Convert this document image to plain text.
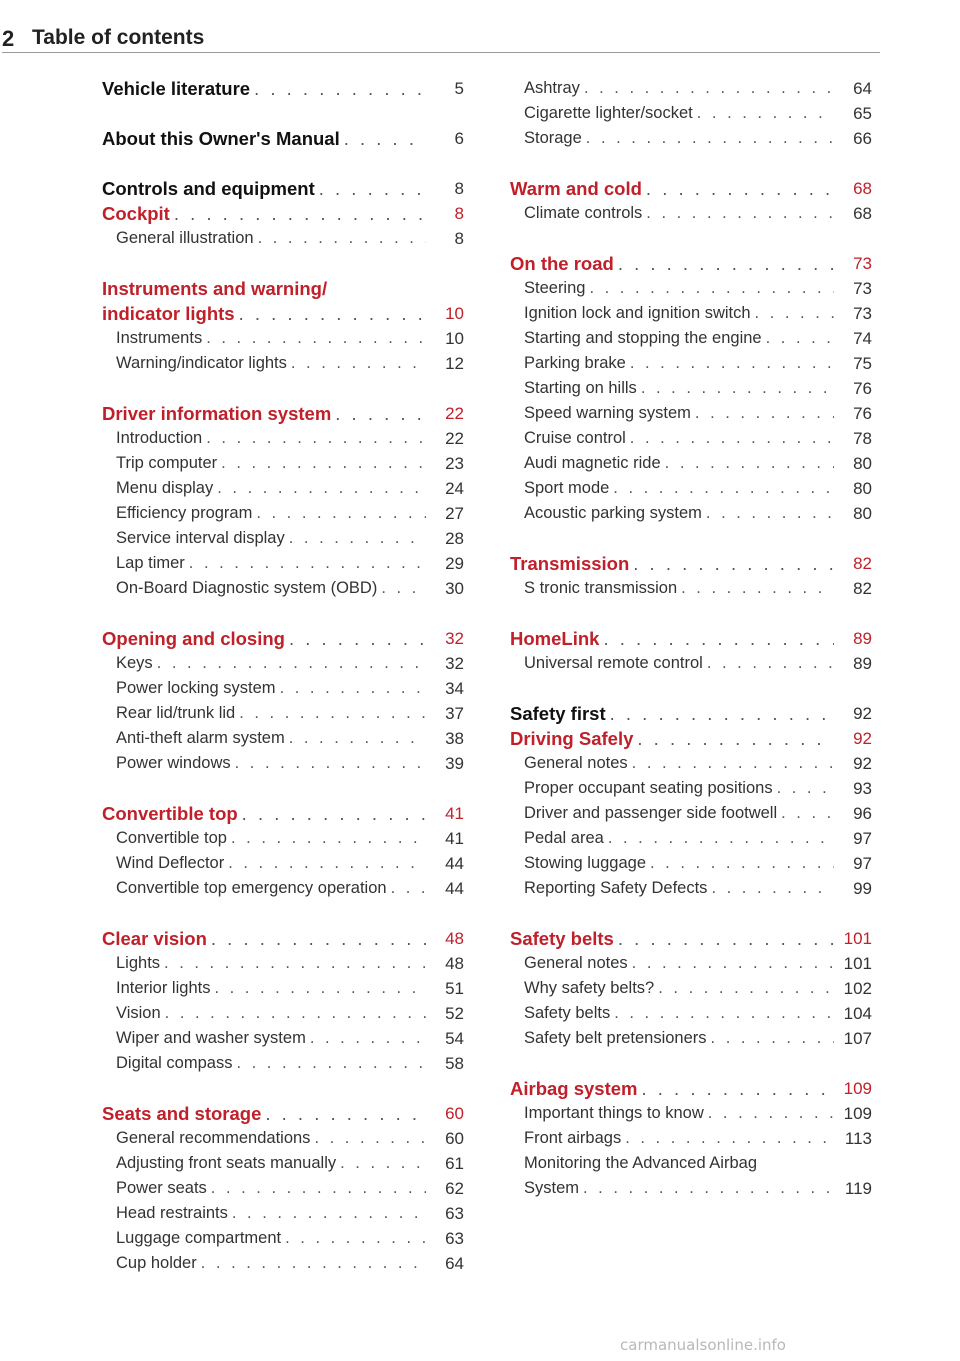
2 Table of contents
Vehicle literature . . .	5
About this Owner's Manual . . .	6
Controls and equipment . . .	8
Cockpit . . .	8
General illustration . . .	8
Instruments and warning/
indicator lights . . .	10
Instruments . . .	10
Warning/indicator lights . . .	12
Driver information system . . .	22
Introduction . . .	22
Trip computer . . .	23
Menu display . . .	24
Efficiency program . . .	27
Service interval display . . .	28
Lap timer . . .	29
On-Board Diagnostic system (OBD) . . .	30
Opening and closing . . .	32
Keys . . .	32
Power locking system . . .	34
Rear lid/trunk lid . . .	37
Anti-theft alarm system . . .	38
Power windows . . .	39
Convertible top . . .	41
Convertible top . . .	41
Wind Deflector . . .	44
Convertible top emergency operation . . .	44
Clear vision . . .	48
Lights . . .	48
Interior lights . . .	51
Vision . . .	52
Wiper and washer system . . .	54
Digital compass . . .	58
Seats and storage . . .	60
General recommendations . . .	60
Adjusting front seats manually . . .	61
Power seats . . .	62
Head restraints . . .	63
Luggage compartment . . .	63
Cup holder . . .	64
Ashtray . . .	64
Cigarette lighter/socket . . .	65
Storage . . .	66
Warm and cold . . .	68
Climate controls . . .	68
On the road . . .	73
Steering . . .	73
Ignition lock and ignition switch . . .	73
Starting and stopping the engine . . .	74
Parking brake . . .	75
Starting on hills . . .	76
Speed warning system . . .	76
Cruise control . . .	78
Audi magnetic ride . . .	80
Sport mode . . .	80
Acoustic parking system . . .	80
Transmission . . .	82
S tronic transmission . . .	82
HomeLink . . .	89
Universal remote control . . .	89
Safety first . . .	92
Driving Safely . . .	92
General notes . . .	92
Proper occupant seating positions . . .	93
Driver and passenger side footwell . . .	96
Pedal area . . .	97
Stowing luggage . . .	97
Reporting Safety Defects . . .	99
Safety belts . . .	101
General notes . . .	101
Why safety belts? . . .	102
Safety belts . . .	104
Safety belt pretensioners . . .	107
Airbag system . . .	109
Important things to know . . .	109
Front airbags . . .	113
Monitoring the Advanced Airbag
System . . .	119
carmanualsonline.info
